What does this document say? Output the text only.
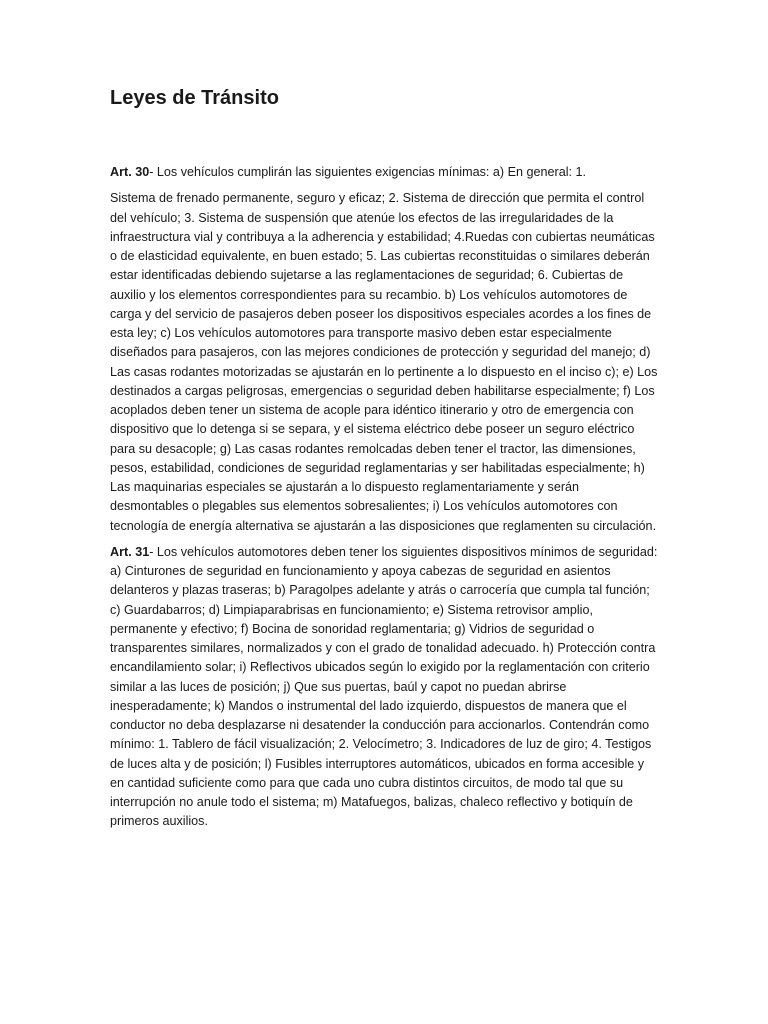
Leyes de Tránsito

Art. 30- Los vehículos cumplirán las siguientes exigencias mínimas: a) En general: 1.

Sistema de frenado permanente, seguro y eficaz; 2. Sistema de dirección que permita el control del vehículo; 3. Sistema de suspensión que atenúe los efectos de las irregularidades de la infraestructura vial y contribuya a la adherencia y estabilidad; 4.Ruedas con cubiertas neumáticas o de elasticidad equivalente, en buen estado; 5. Las cubiertas reconstituidas o similares deberán estar identificadas debiendo sujetarse a las reglamentaciones de seguridad; 6. Cubiertas de auxilio y los elementos correspondientes para su recambio. b) Los vehículos automotores de carga y del servicio de pasajeros deben poseer los dispositivos especiales acordes a los fines de esta ley; c) Los vehículos automotores para transporte masivo deben estar especialmente diseñados para pasajeros, con las mejores condiciones de protección y seguridad del manejo; d) Las casas rodantes motorizadas se ajustarán en lo pertinente a lo dispuesto en el inciso c); e) Los destinados a cargas peligrosas, emergencias o seguridad deben habilitarse especialmente; f) Los acoplados deben tener un sistema de acople para idéntico itinerario y otro de emergencia con dispositivo que lo detenga si se separa, y el sistema eléctrico debe poseer un seguro eléctrico para su desacople; g) Las casas rodantes remolcadas deben tener el tractor, las dimensiones, pesos, estabilidad, condiciones de seguridad reglamentarias y ser habilitadas especialmente; h) Las maquinarias especiales se ajustarán a lo dispuesto reglamentariamente y serán desmontables o plegables sus elementos sobresalientes; i) Los vehículos automotores con tecnología de energía alternativa se ajustarán a las disposiciones que reglamenten su circulación.

Art. 31- Los vehículos automotores deben tener los siguientes dispositivos mínimos de seguridad: a) Cinturones de seguridad en funcionamiento y apoya cabezas de seguridad en asientos delanteros y plazas traseras; b) Paragolpes adelante y atrás o carrocería que cumpla tal función; c) Guardabarros; d) Limpiaparabrisas en funcionamiento; e) Sistema retrovisor amplio, permanente y efectivo; f) Bocina de sonoridad reglamentaria; g) Vidrios de seguridad o transparentes similares, normalizados y con el grado de tonalidad adecuado. h) Protección contra encandilamiento solar; i) Reflectivos ubicados según lo exigido por la reglamentación con criterio similar a las luces de posición; j) Que sus puertas, baúl y capot no puedan abrirse inesperadamente; k) Mandos o instrumental del lado izquierdo, dispuestos de manera que el conductor no deba desplazarse ni desatender la conducción para accionarlos. Contendrán como mínimo: 1. Tablero de fácil visualización; 2. Velocímetro; 3. Indicadores de luz de giro; 4. Testigos de luces alta y de posición; l) Fusibles interruptores automáticos, ubicados en forma accesible y en cantidad suficiente como para que cada uno cubra distintos circuitos, de modo tal que su interrupción no anule todo el sistema; m) Matafuegos, balizas, chaleco reflectivo y botiquín de primeros auxilios.
